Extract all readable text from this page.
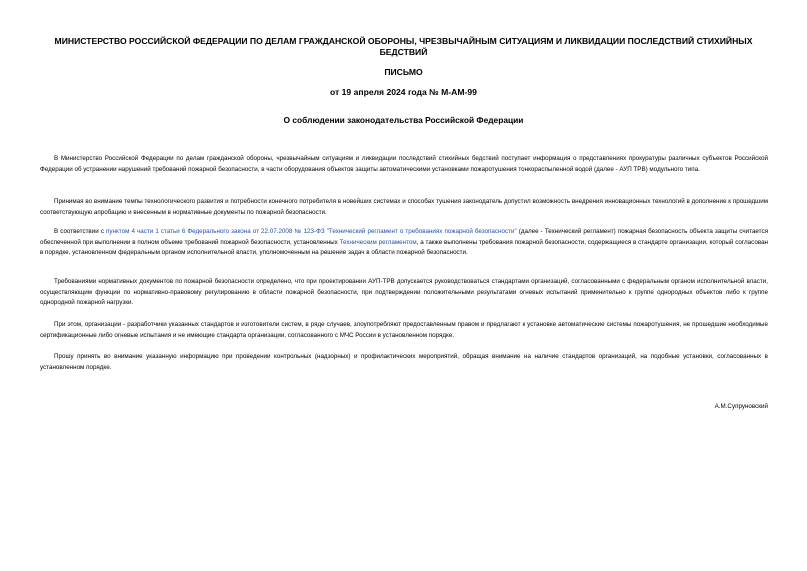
МИНИСТЕРСТВО РОССИЙСКОЙ ФЕДЕРАЦИИ ПО ДЕЛАМ ГРАЖДАНСКОЙ ОБОРОНЫ, ЧРЕЗВЫЧАЙНЫМ СИТУАЦИЯМ И ЛИКВИДАЦИИ ПОСЛЕДСТВИЙ СТИХИЙНЫХ БЕДСТВИЙ
ПИСЬМО
от 19 апреля 2024 года № М-АМ-99
О соблюдении законодательства Российской Федерации
В Министерство Российской Федерации по делам гражданской обороны, чрезвычайным ситуациям и ликвидации последствий стихийных бедствий поступает информация о представлениях прокуратуры различных субъектов Российской Федерации об устранении нарушений требований пожарной безопасности, в части оборудования объектов защиты автоматическими установками пожаротушения тонкораспыленной водой (далее - АУП ТРВ) модульного типа.
Принимая во внимание темпы технологического развития и потребности конечного потребителя в новейших системах и способах тушения законодатель допустил возможность внедрения инновационных технологий в дополнение к прошедшим соответствующую апробацию и внесенным в нормативные документы по пожарной безопасности.
В соответствии с пунктом 4 части 1 статьи 6 Федерального закона от 22.07.2008 № 123-ФЗ "Технический регламент о требованиях пожарной безопасности" (далее - Технический регламент) пожарная безопасность объекта защиты считается обеспеченной при выполнении в полном объеме требований пожарной безопасности, установленных Техническим регламентом, а также выполнены требования пожарной безопасности, содержащиеся в стандарте организации, который согласован в порядке, установленном федеральным органом исполнительной власти, уполномоченным на решение задач в области пожарной безопасности.
Требованиями нормативных документов по пожарной безопасности определено, что при проектировании АУП-ТРВ допускается руководствоваться стандартами организаций, согласованными с федеральным органом исполнительной власти, осуществляющим функции по нормативно-правовому регулированию в области пожарной безопасности, при подтверждении положительными результатами огневых испытаний применительно к группе однородных объектов либо к группе однородной пожарной нагрузки.
При этом, организации - разработчики указанных стандартов и изготовители систем, в ряде случаев, злоупотребляют предоставленным правом и предлагают к установке автоматические системы пожаротушения, не прошедшие необходимые сертификационные либо огневые испытания и не имеющие стандарта организации, согласованного с МЧС России в установленном порядке.
Прошу принять во внимание указанную информацию при проведении контрольных (надзорных) и профилактических мероприятий, обращая внимание на наличие стандартов организаций, на подобные установки, согласованных в установленном порядке.
А.М.Супруновский
